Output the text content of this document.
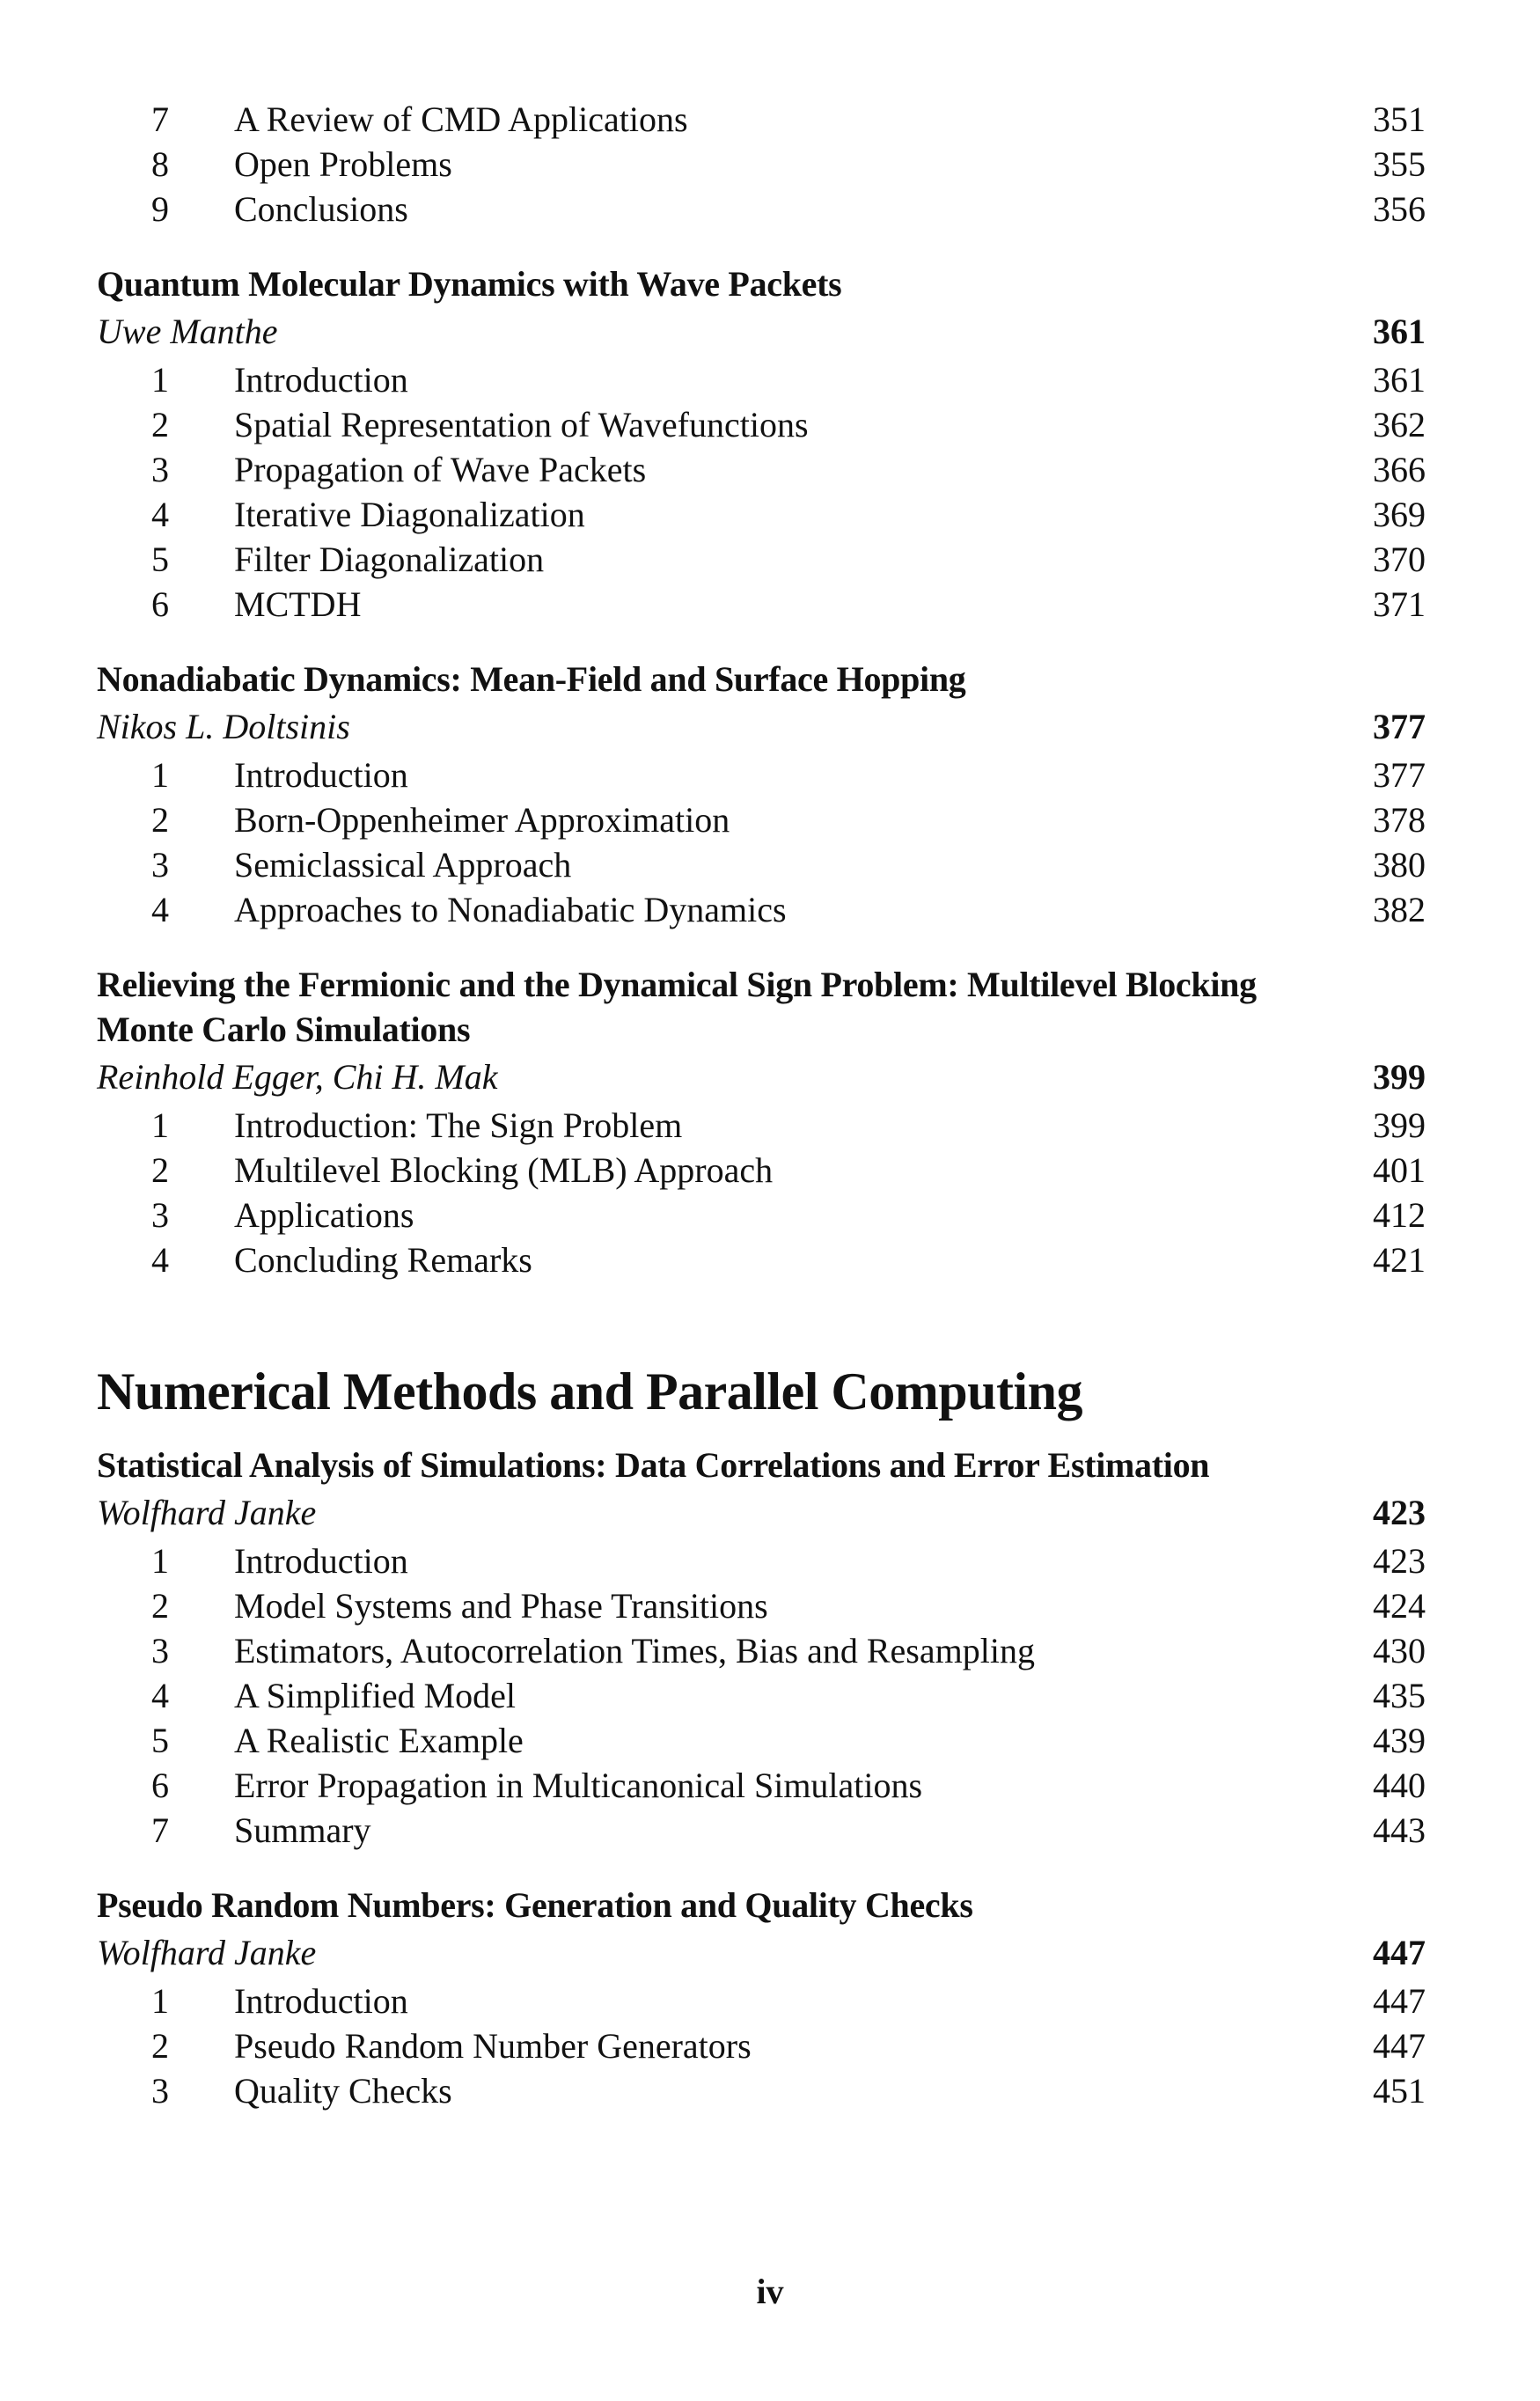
7 A Review of CMD Applications	351
8 Open Problems	355
9 Conclusions	356
Quantum Molecular Dynamics with Wave Packets
Uwe Manthe	361
1 Introduction	361
2 Spatial Representation of Wavefunctions	362
3 Propagation of Wave Packets	366
4 Iterative Diagonalization	369
5 Filter Diagonalization	370
6 MCTDH	371
Nonadiabatic Dynamics: Mean-Field and Surface Hopping
Nikos L. Doltsinis	377
1 Introduction	377
2 Born-Oppenheimer Approximation	378
3 Semiclassical Approach	380
4 Approaches to Nonadiabatic Dynamics	382
Relieving the Fermionic and the Dynamical Sign Problem: Multilevel Blocking
Monte Carlo Simulations
Reinhold Egger, Chi H. Mak	399
1 Introduction: The Sign Problem	399
2 Multilevel Blocking (MLB) Approach	401
3 Applications	412
4 Concluding Remarks	421
Numerical Methods and Parallel Computing
Statistical Analysis of Simulations: Data Correlations and Error Estimation
Wolfhard Janke	423
1 Introduction	423
2 Model Systems and Phase Transitions	424
3 Estimators, Autocorrelation Times, Bias and Resampling	430
4 A Simplified Model	435
5 A Realistic Example	439
6 Error Propagation in Multicanonical Simulations	440
7 Summary	443
Pseudo Random Numbers: Generation and Quality Checks
Wolfhard Janke	447
1 Introduction	447
2 Pseudo Random Number Generators	447
3 Quality Checks	451
iv
